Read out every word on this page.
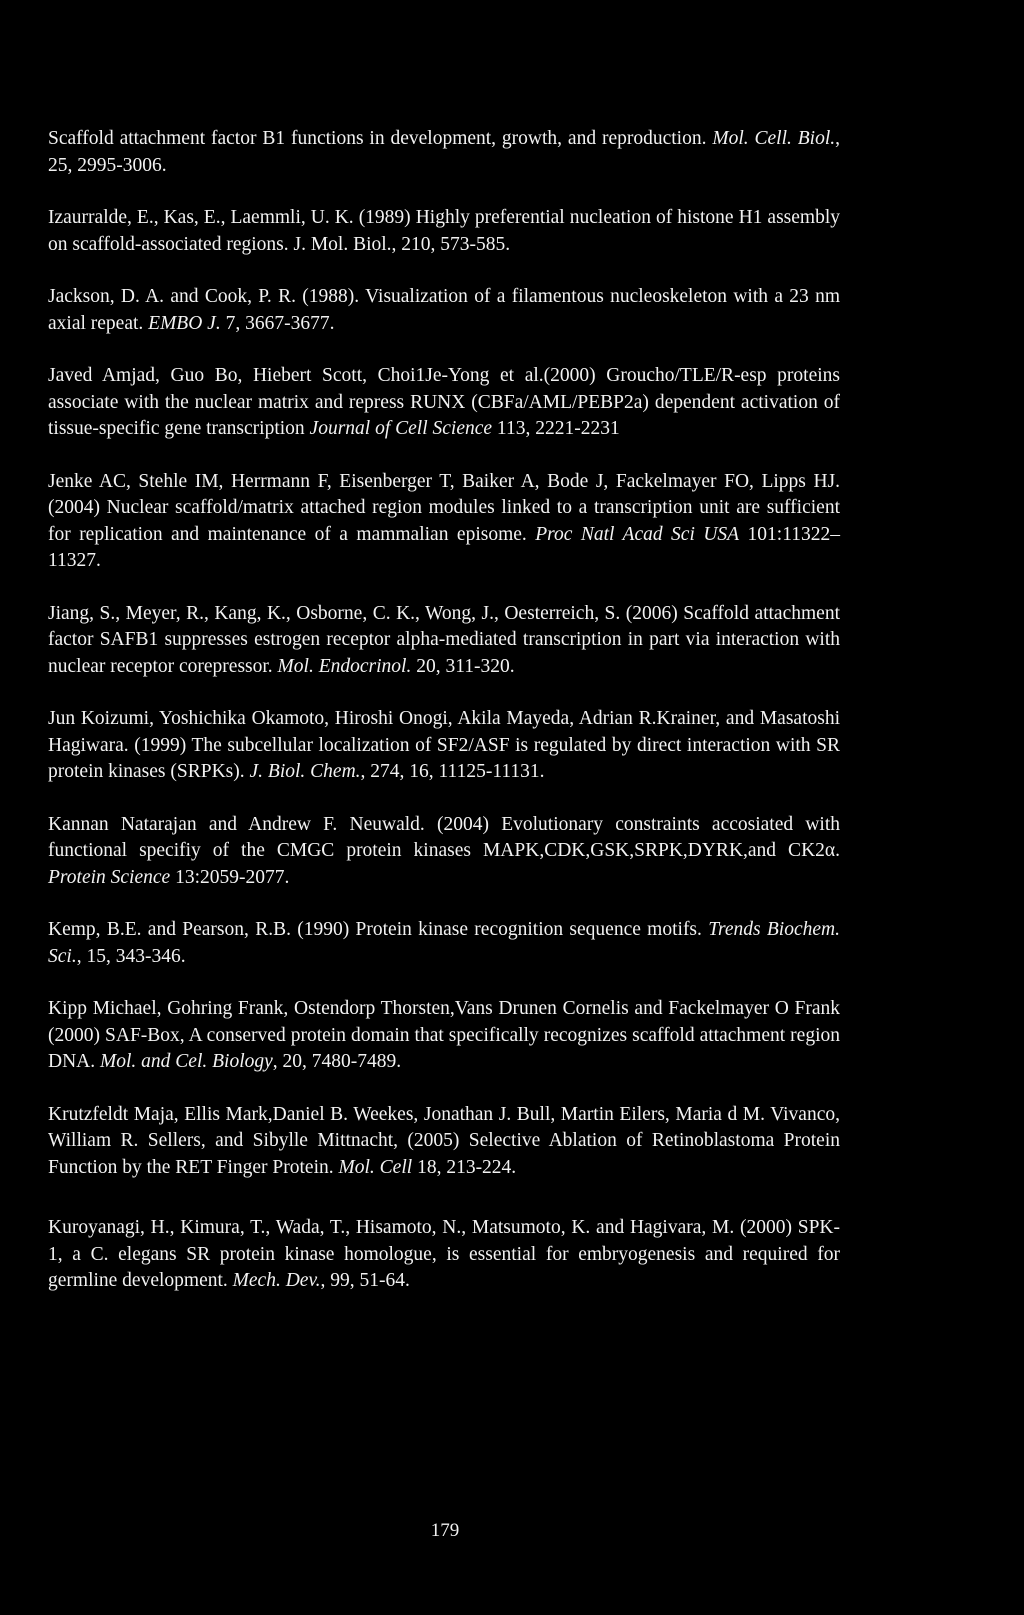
Scaffold attachment factor B1 functions in development, growth, and reproduction. Mol. Cell. Biol., 25, 2995-3006.

Izaurralde, E., Kas, E., Laemmli, U. K. (1989) Highly preferential nucleation of histone H1 assembly on scaffold-associated regions. J. Mol. Biol., 210, 573-585.

Jackson, D. A. and Cook, P. R. (1988). Visualization of a filamentous nucleoskeleton with a 23 nm axial repeat. EMBO J. 7, 3667-3677.

Javed Amjad, Guo Bo, Hiebert Scott, Choi1Je-Yong et al.(2000) Groucho/TLE/R-esp proteins associate with the nuclear matrix and repress RUNX (CBFa/AML/PEBP2a) dependent activation of tissue-specific gene transcription Journal of Cell Science 113, 2221-2231

Jenke AC, Stehle IM, Herrmann F, Eisenberger T, Baiker A, Bode J, Fackelmayer FO, Lipps HJ. (2004) Nuclear scaffold/matrix attached region modules linked to a transcription unit are sufficient for replication and maintenance of a mammalian episome. Proc Natl Acad Sci USA 101:11322–11327.

Jiang, S., Meyer, R., Kang, K., Osborne, C. K., Wong, J., Oesterreich, S. (2006) Scaffold attachment factor SAFB1 suppresses estrogen receptor alpha-mediated transcription in part via interaction with nuclear receptor corepressor. Mol. Endocrinol. 20, 311-320.

Jun Koizumi, Yoshichika Okamoto, Hiroshi Onogi, Akila Mayeda, Adrian R.Krainer, and Masatoshi Hagiwara. (1999) The subcellular localization of SF2/ASF is regulated by direct interaction with SR protein kinases (SRPKs). J. Biol. Chem., 274, 16, 11125-11131.

Kannan Natarajan and Andrew F. Neuwald. (2004) Evolutionary constraints accosiated with functional specifiy of the CMGC protein kinases MAPK,CDK,GSK,SRPK,DYRK,and CK2α. Protein Science 13:2059-2077.

Kemp, B.E. and Pearson, R.B. (1990) Protein kinase recognition sequence motifs. Trends Biochem. Sci., 15, 343-346.

Kipp Michael, Gohring Frank, Ostendorp Thorsten,Vans Drunen Cornelis and Fackelmayer O Frank (2000) SAF-Box, A conserved protein domain that specifically recognizes scaffold attachment region DNA. Mol. and Cel. Biology, 20, 7480-7489.

Krutzfeldt Maja, Ellis Mark,Daniel B. Weekes, Jonathan J. Bull, Martin Eilers, Maria d M. Vivanco, William R. Sellers, and Sibylle Mittnacht, (2005) Selective Ablation of Retinoblastoma Protein Function by the RET Finger Protein. Mol. Cell 18, 213-224.

Kuroyanagi, H., Kimura, T., Wada, T., Hisamoto, N., Matsumoto, K. and Hagivara, M. (2000) SPK-1, a C. elegans SR protein kinase homologue, is essential for embryogenesis and required for germline development. Mech. Dev., 99, 51-64.

179
